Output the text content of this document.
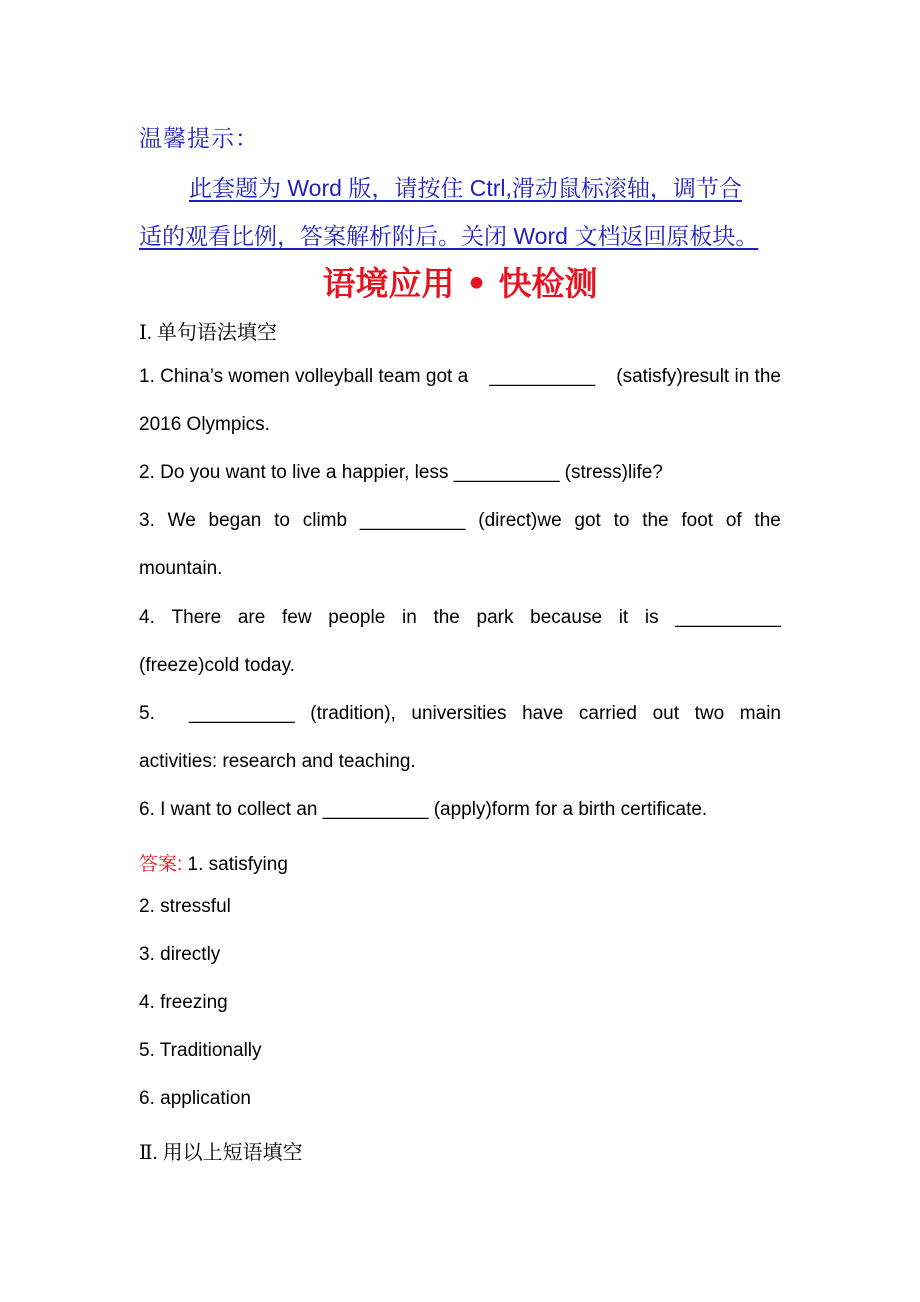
温馨提示：
此套题为 Word 版，请按住 Ctrl,滑动鼠标滚轴，调节合
适的观看比例，答案解析附后。关闭 Word 文档返回原板块。
语境应用 • 快检测
Ⅰ. 单句语法填空
1. China’s women volleyball team got a __________ (satisfy)result in the
2016 Olympics.
2. Do you want to live a happier, less __________ (stress)life?
3. We began to climb __________ (direct)we got to the foot of the
mountain.
4. There are few people in the park because it is __________
(freeze)cold today.
5. __________ (tradition), universities have carried out two main
activities: research and teaching.
6. I want to collect an __________ (apply)form for a birth certificate.
答案: 1. satisfying
2. stressful
3. directly
4. freezing
5. Traditionally
6. application
Ⅱ. 用以上短语填空
